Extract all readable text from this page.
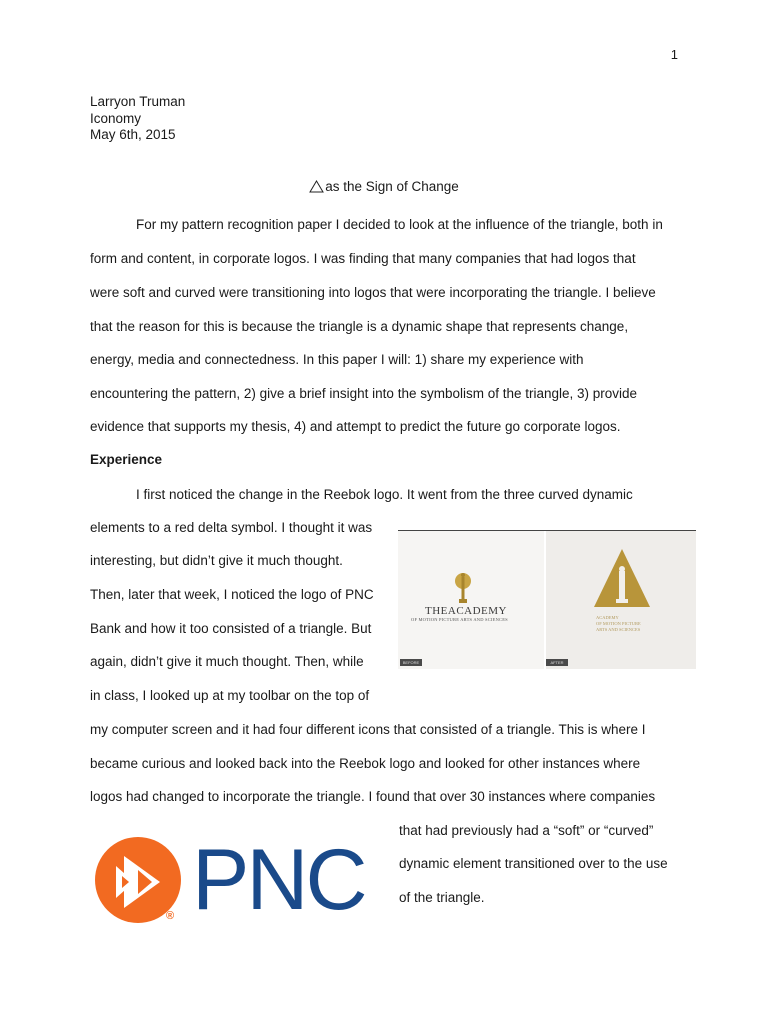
1
Larryon Truman
Iconomy
May 6th, 2015
as the Sign of Change
For my pattern recognition paper I decided to look at the influence of the triangle, both in
form and content, in corporate logos. I was finding that many companies that had logos that
were soft and curved were transitioning into logos that were incorporating the triangle. I believe
that the reason for this is because the triangle is a dynamic shape that represents change,
energy, media and connectedness. In this paper I will: 1) share my experience with
encountering the pattern, 2) give a brief insight into the symbolism of the triangle, 3) provide
evidence that supports my thesis, 4) and attempt to predict the future go corporate logos.
Experience
I first noticed the change in the Reebok logo. It went from the three curved dynamic
elements to a red delta symbol. I thought it was
interesting, but didn’t give it much thought.
Then, later that week, I noticed the logo of PNC
Bank and how it too consisted of a triangle. But
again, didn’t give it much thought. Then, while
in class, I looked up at my toolbar on the top of
my computer screen and it had four different icons that consisted of a triangle. This is where I
became curious and looked back into the Reebok logo and looked for other instances where
logos had changed to incorporate the triangle. I found that over 30 instances where companies
that had previously had a “soft” or “curved”
dynamic element transitioned over to the use
of the triangle.
THEACADEMY
OF MOTION PICTURE ARTS AND SCIENCES
BEFORE
ACADEMY
OF MOTION PICTURE
ARTS AND SCIENCES
AFTER
® PNC
